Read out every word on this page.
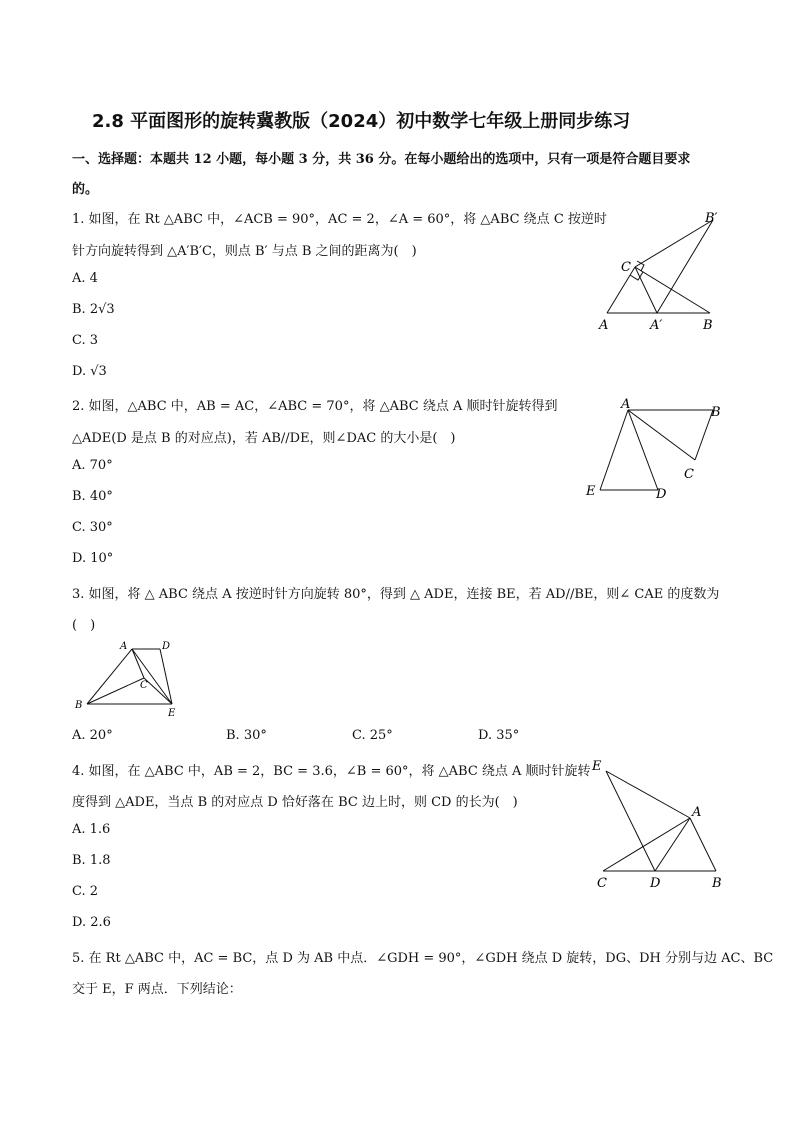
2.8 平面图形的旋转冀教版（2024）初中数学七年级上册同步练习
一、选择题：本题共 12 小题，每小题 3 分，共 36 分。在每小题给出的选项中，只有一项是符合题目要求
的。
1. 如图，在 Rt △ABC 中，∠ACB = 90°，AC = 2，∠A = 60°，将 △ABC 绕点 C 按逆时
针方向旋转得到 △A′B′C，则点 B′ 与点 B 之间的距离为(　)
A. 4
B. 2√3
C. 3
D. √3
A	A′	B
B′
C
2. 如图，△ABC 中，AB = AC，∠ABC = 70°，将 △ABC 绕点 A 顺时针旋转得到
△ADE(D 是点 B 的对应点)，若 AB//DE，则∠DAC 的大小是(　)
A. 70°
B. 40°
C. 30°
D. 10°
A
B
C
D
E
3. 如图，将 △ ABC 绕点 A 按逆时针方向旋转 80°，得到 △ ADE，连接 BE，若 AD//BE，则∠ CAE 的度数为
(　)
A	D
B
C
E
A. 20°	B. 30°	C. 25°	D. 35°
4. 如图，在 △ABC 中，AB = 2，BC = 3.6，∠B = 60°，将 △ABC 绕点 A 顺时针旋转
度得到 △ADE，当点 B 的对应点 D 恰好落在 BC 边上时，则 CD 的长为(　)
A. 1.6
B. 1.8
C. 2
D. 2.6
E
A
C	D	B
5. 在 Rt △ABC 中，AC = BC，点 D 为 AB 中点．∠GDH = 90°，∠GDH 绕点 D 旋转，DG、DH 分别与边 AC、BC
交于 E，F 两点．下列结论：
